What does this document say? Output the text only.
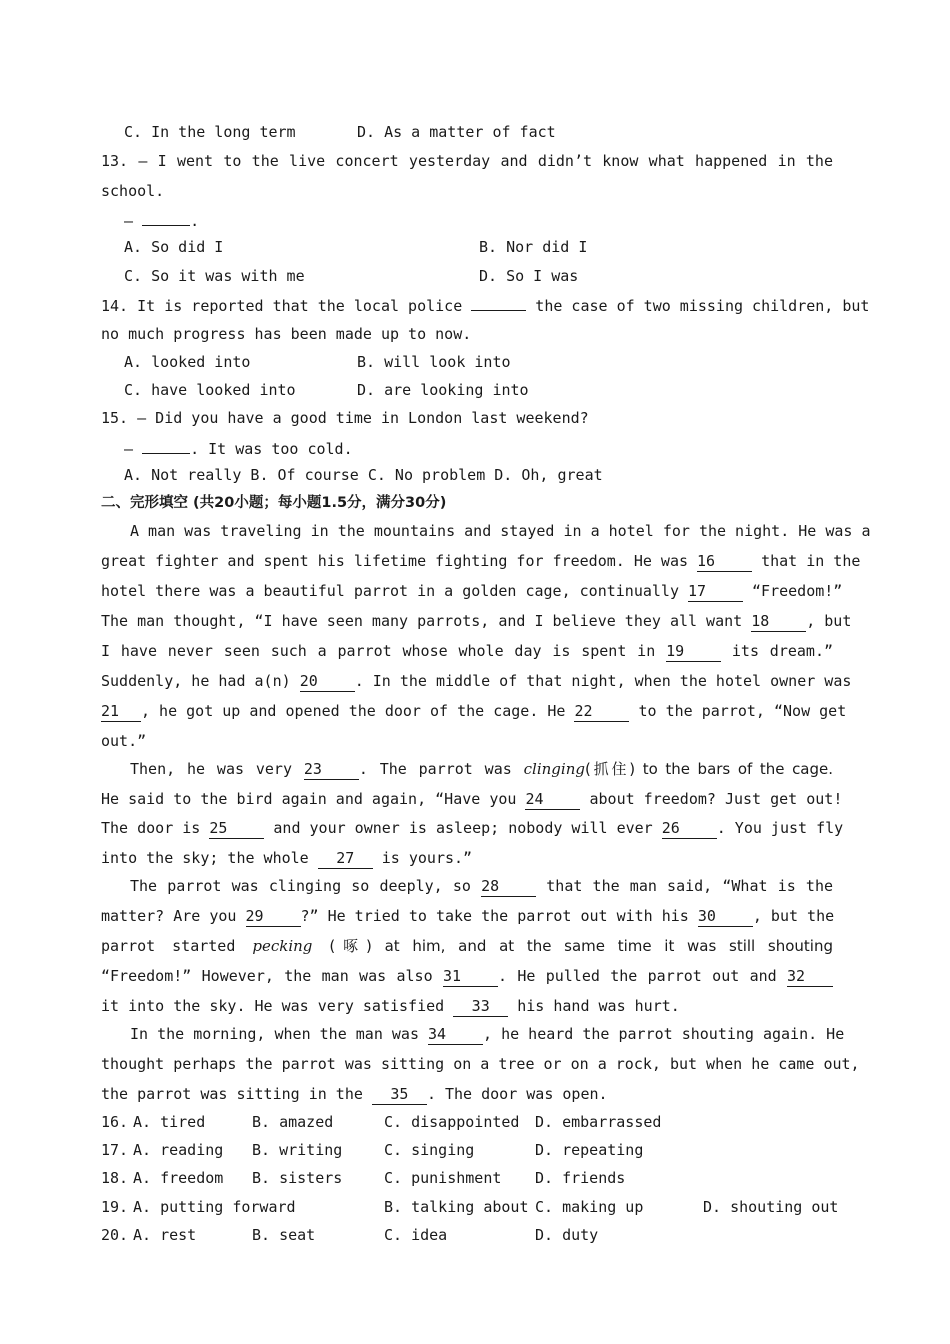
C. In the long term	D. As a matter of fact
13. — I went to the live concert yesterday and didn’t know what happened in the
school.
—	.
A. So did I	B. Nor did I
C. So it was with me	D. So I was
14. It is reported that the local police	the case of two missing children, but
no much progress has been made up to now.
A. looked into	B. will look into
C. have looked into	D. are looking into
15. — Did you have a good time in London last weekend?
—	. It was too cold.
A. Not really B. Of course C. No problem D. Oh, great
二、完形填空 (共20小题；每小题1.5分，满分30分)
A man was traveling in the mountains and stayed in a hotel for the night. He was a
great fighter and spent his lifetime fighting for freedom. He was 16	that in the
hotel there was a beautiful parrot in a golden cage, continually 17	“Freedom!”
The man thought, “I have seen many parrots, and I believe they all want 18 , but
I have never seen such a parrot whose whole day is spent in 19	its dream.”
Suddenly, he had a(n) 20 . In the middle of that night, when the hotel owner was
21 , he got up and opened the door of the cage. He 22	to the parrot, “Now get
out.”
Then, he was very 23 . The parrot was clinging(抓住) to the bars of the cage.
He said to the bird again and again, “Have you 24	about freedom? Just get out!
The door is 25	and your owner is asleep; nobody will ever 26 . You just fly
into the sky; the whole 27 is yours.”
The parrot was clinging so deeply, so 28	that the man said, “What is the
matter? Are you 29 ?” He tried to take the parrot out with his 30 , but the
parrot started pecking (啄) at him, and at the same time it was still shouting
“Freedom!” However, the man was also 31 . He pulled the parrot out and 32
it into the sky. He was very satisfied 33 his hand was hurt.
In the morning, when the man was 34 , he heard the parrot shouting again. He
thought perhaps the parrot was sitting on a tree or on a rock, but when he came out,
the parrot was sitting in the 35 . The door was open.
16. A. tired	B. amazed	C. disappointed D. embarrassed
17. A. reading B. writing	C. singing	D. repeating
18. A. freedom B. sisters	C. punishment D. friends
19. A. putting forward	B. talking about C. making up	D. shouting out
20. A. rest	B. seat	C. idea	D. duty
